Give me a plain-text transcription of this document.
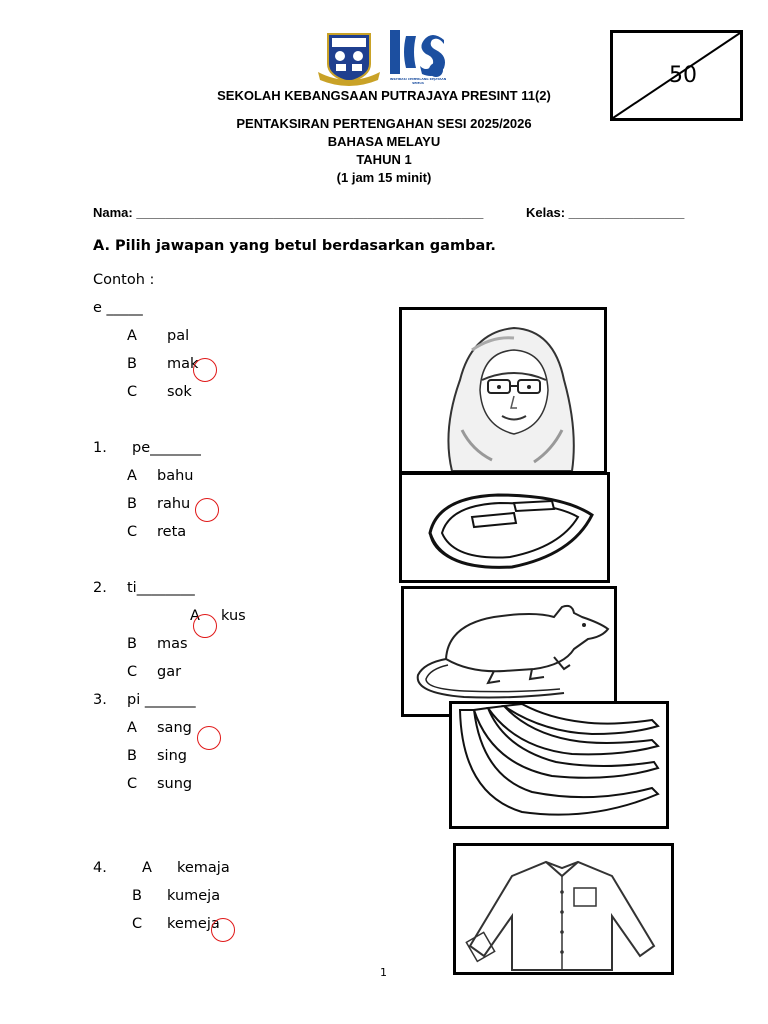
INSPIRASI CEMERLANG KEJAYAAN SEMUA	50
SEKOLAH KEBANGSAAN PUTRAJAYA PRESINT 11(2)
PENTAKSIRAN PERTENGAHAN SESI 2025/2026
BAHASA MELAYU
TAHUN 1
(1 jam 15 minit)
Nama: ________________________________________________	Kelas: ________________
A. Pilih jawapan yang betul berdasarkan gambar.
Contoh :
e _____
A pal
B mak
C sok
1. pe_______
A bahu
B rahu
C reta
2. ti________
A kus
B mas
C gar
3. pi _______
A sang
B sing
C sung
4. A kemaja
B kumeja
C kemeja
1
